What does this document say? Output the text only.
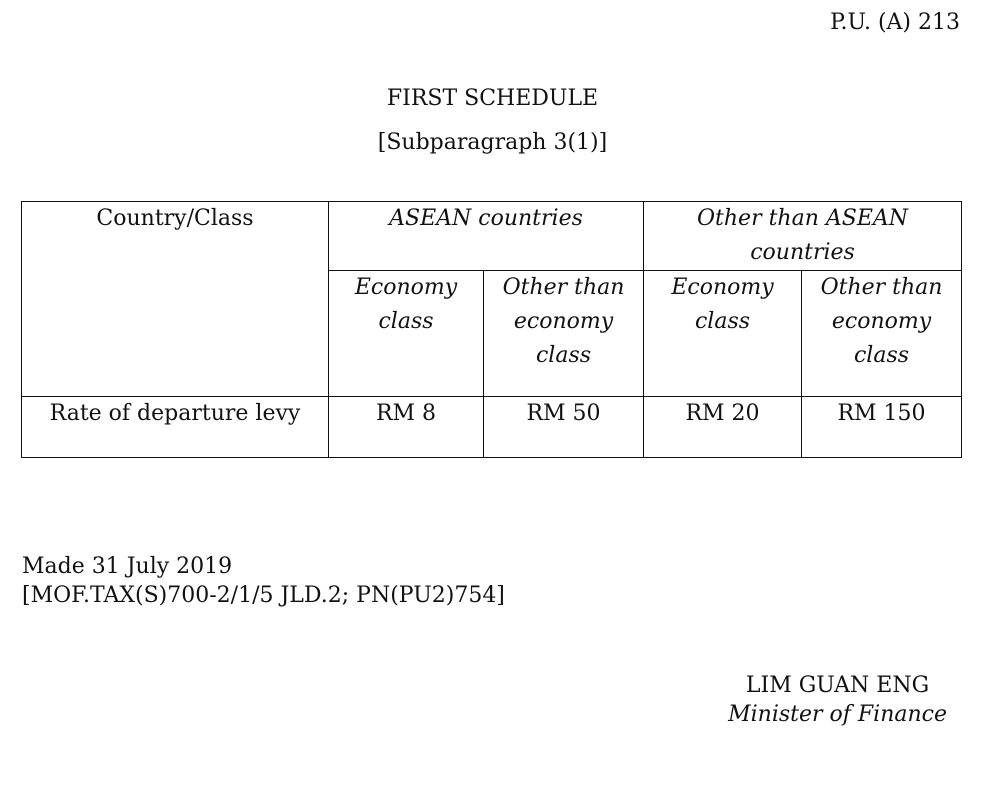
P.U. (A) 213
FIRST SCHEDULE
[Subparagraph 3(1)]
Country/Class	ASEAN countries		Other than ASEAN countries	
	Economy class	Other than economy class	Economy class	Other than economy class
Rate of departure levy	RM 8	RM 50	RM 20	RM 150
Made 31 July 2019
[MOF.TAX(S)700-2/1/5 JLD.2; PN(PU2)754]
LIM GUAN ENG
Minister of Finance
